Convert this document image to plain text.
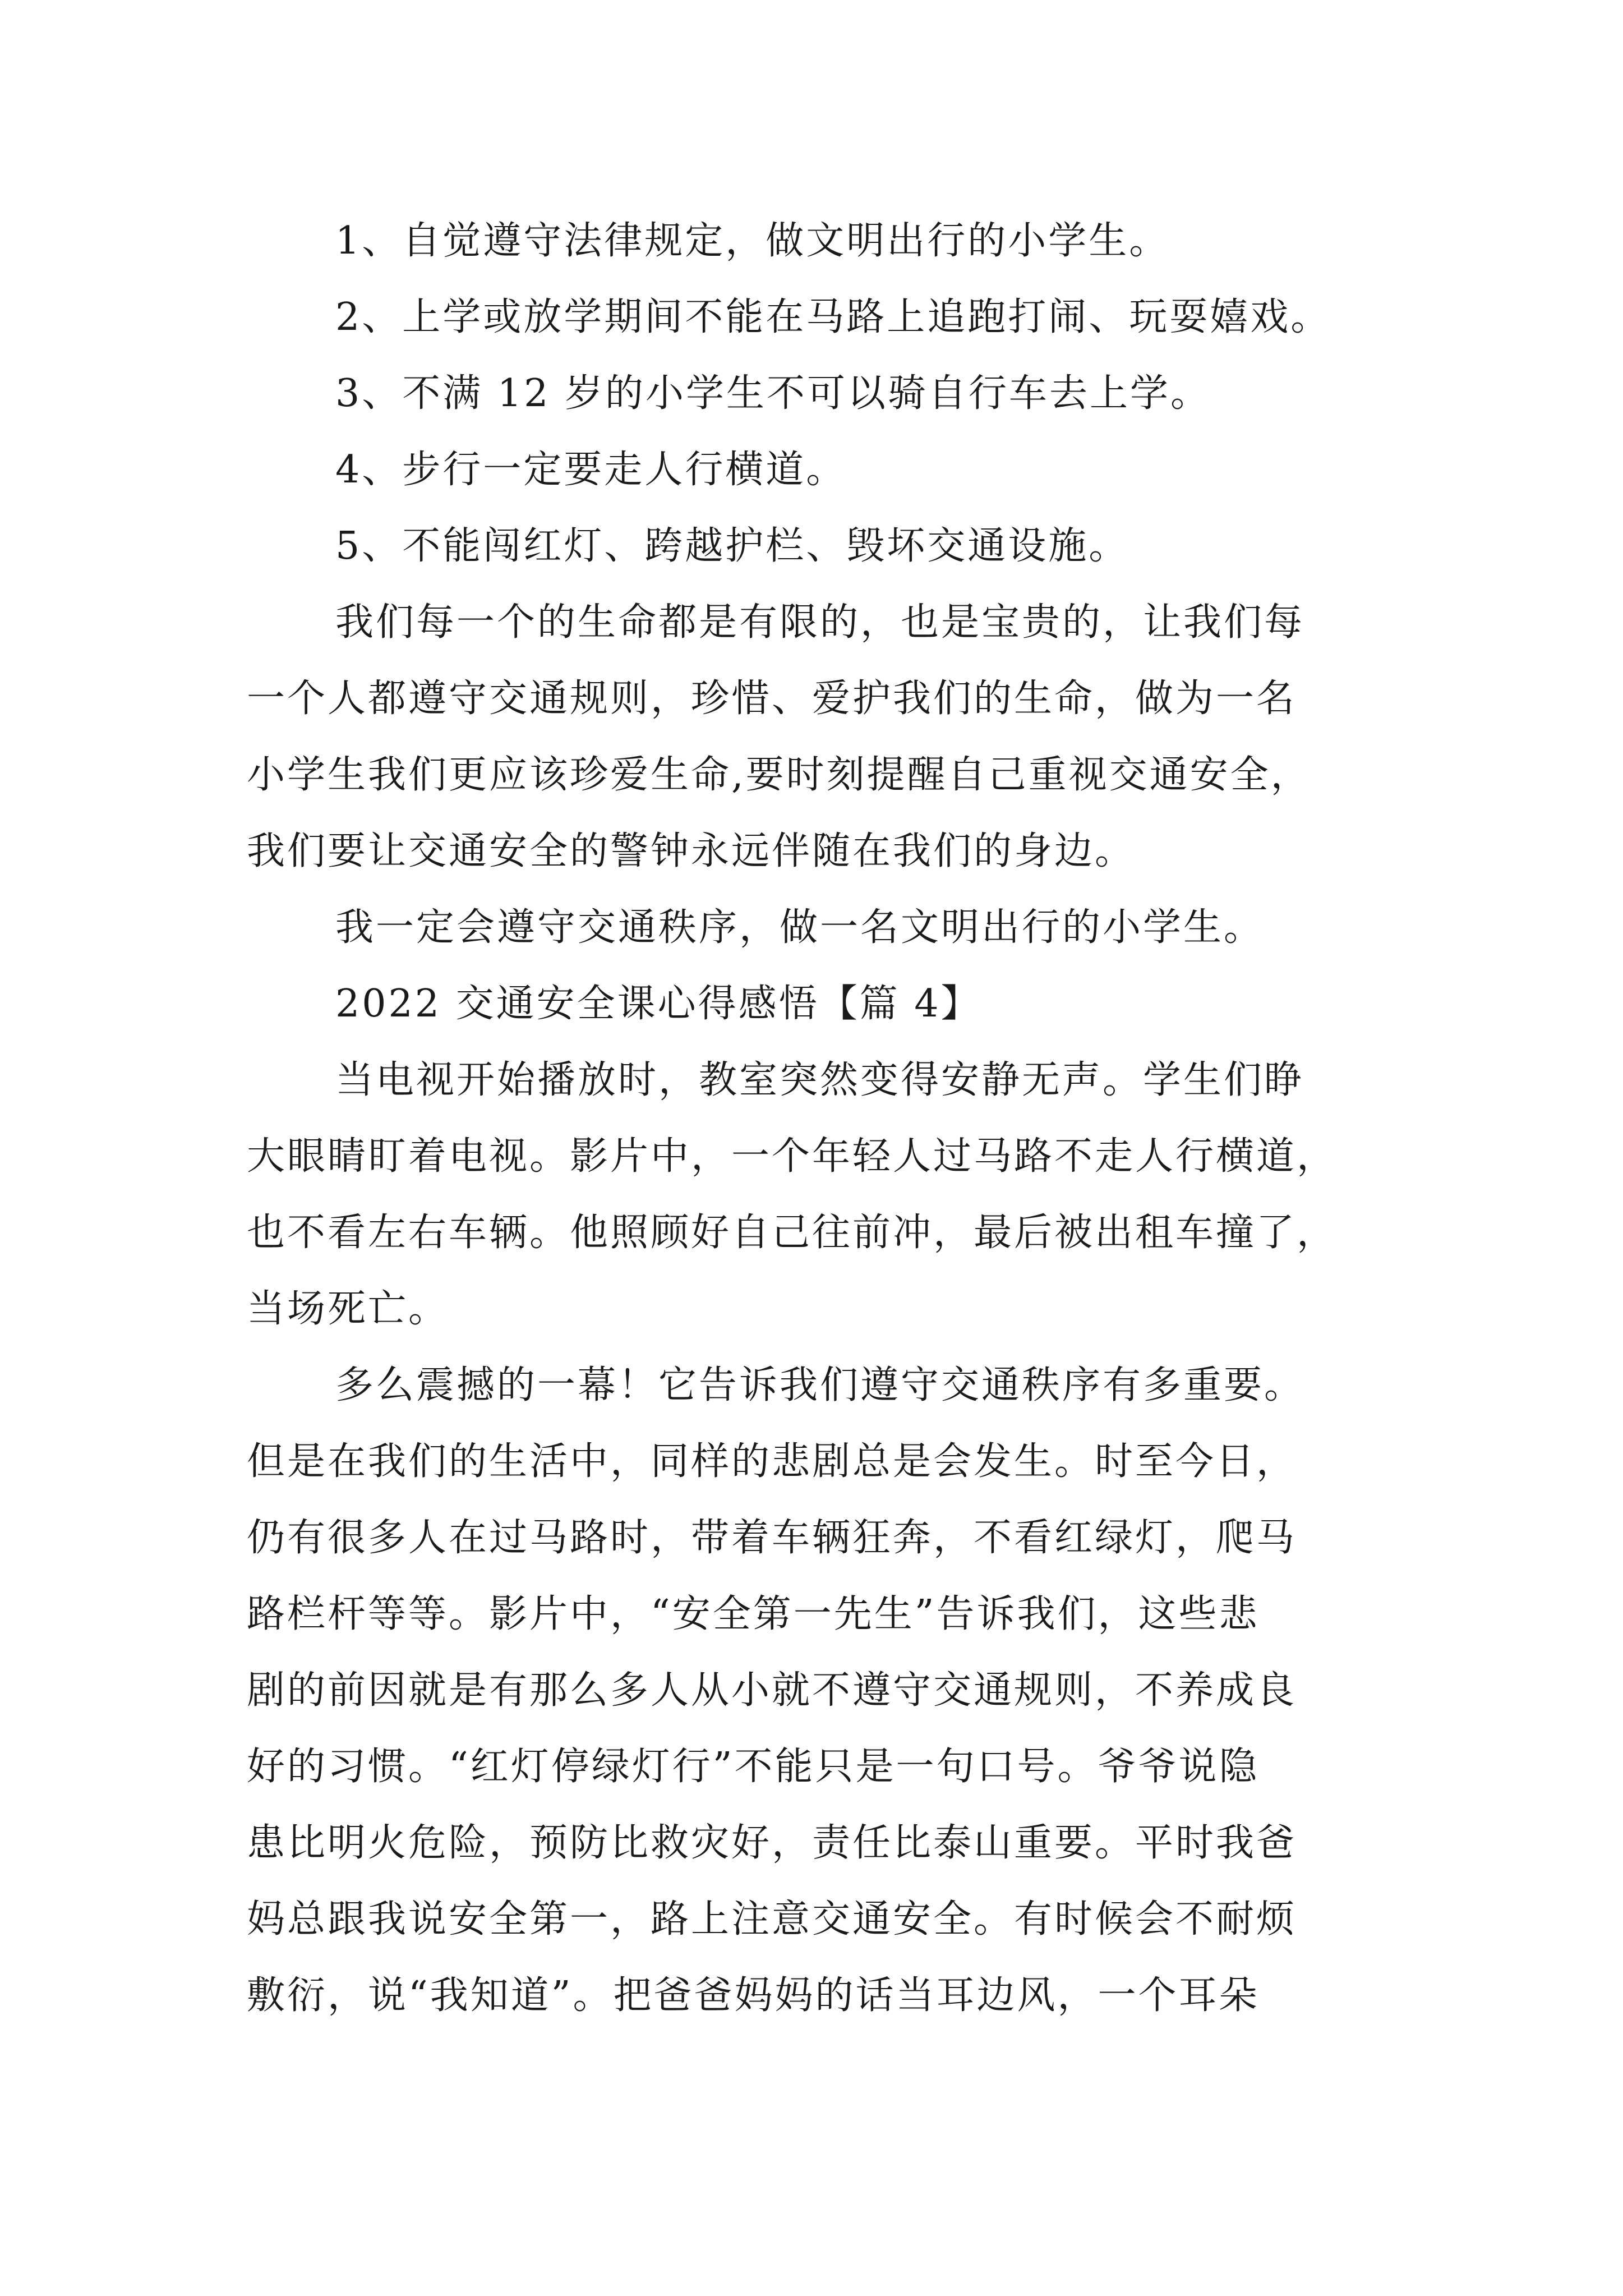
1、自觉遵守法律规定，做文明出行的小学生。
2、上学或放学期间不能在马路上追跑打闹、玩耍嬉戏。
3、不满 12 岁的小学生不可以骑自行车去上学。
4、步行一定要走人行横道。
5、不能闯红灯、跨越护栏、毁坏交通设施。
我们每一个的生命都是有限的，也是宝贵的，让我们每
一个人都遵守交通规则，珍惜、爱护我们的生命，做为一名
小学生我们更应该珍爱生命,要时刻提醒自己重视交通安全，
我们要让交通安全的警钟永远伴随在我们的身边。
我一定会遵守交通秩序，做一名文明出行的小学生。
2022 交通安全课心得感悟【篇 4】
当电视开始播放时，教室突然变得安静无声。学生们睁
大眼睛盯着电视。影片中，一个年轻人过马路不走人行横道，
也不看左右车辆。他照顾好自己往前冲，最后被出租车撞了，
当场死亡。
多么震撼的一幕！它告诉我们遵守交通秩序有多重要。
但是在我们的生活中，同样的悲剧总是会发生。时至今日，
仍有很多人在过马路时，带着车辆狂奔，不看红绿灯，爬马
路栏杆等等。影片中，“安全第一先生”告诉我们，这些悲
剧的前因就是有那么多人从小就不遵守交通规则，不养成良
好的习惯。“红灯停绿灯行”不能只是一句口号。爷爷说隐
患比明火危险，预防比救灾好，责任比泰山重要。平时我爸
妈总跟我说安全第一，路上注意交通安全。有时候会不耐烦
敷衍，说“我知道”。把爸爸妈妈的话当耳边风，一个耳朵
